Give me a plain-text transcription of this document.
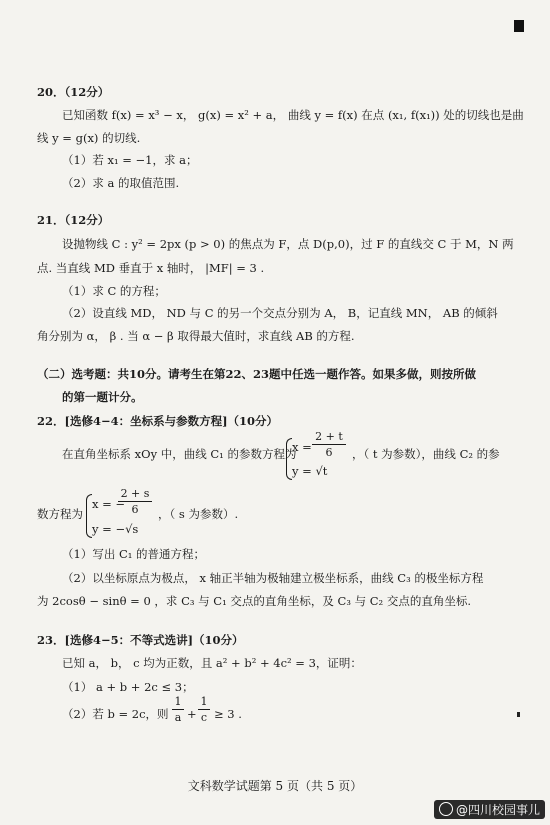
20．（12分）
已知函数 f(x) = x³ − x， g(x) = x² + a， 曲线 y = f(x) 在点 (x₁, f(x₁)) 处的切线也是曲
线 y = g(x) 的切线.
（1）若 x₁ = −1，求 a；
（2）求 a 的取值范围.
21．（12分）
设抛物线 C : y² = 2px (p > 0) 的焦点为 F，点 D(p,0)，过 F 的直线交 C 于 M，N 两
点. 当直线 MD 垂直于 x 轴时， |MF| = 3 .
（1）求 C 的方程；
（2）设直线 MD， ND 与 C 的另一个交点分别为 A， B，记直线 MN， AB 的倾斜
角分别为 α， β . 当 α − β 取得最大值时，求直线 AB 的方程.
（二）选考题：共10分。请考生在第22、23题中任选一题作答。如果多做，则按所做
的第一题计分。
22．[选修4−4：坐标系与参数方程]（10分）
在直角坐标系 xOy 中，曲线 C₁ 的参数方程为
x =
2 + t
6
y = √t
，（ t 为参数），曲线 C₂ 的参
数方程为
x = −
2 + s
6
y = −√s
，（ s 为参数）.
（1）写出 C₁ 的普通方程；
（2）以坐标原点为极点， x 轴正半轴为极轴建立极坐标系，曲线 C₃ 的极坐标方程
为 2cosθ − sinθ = 0 ，求 C₃ 与 C₁ 交点的直角坐标，及 C₃ 与 C₂ 交点的直角坐标.
23．[选修4−5：不等式选讲]（10分）
已知 a， b， c 均为正数，且 a² + b² + 4c² = 3，证明：
（1） a + b + 2c ≤ 3；
（2）若 b = 2c，则
1
a +
1
c ≥ 3 .
文科数学试题第 5 页（共 5 页）
@四川校园事儿
